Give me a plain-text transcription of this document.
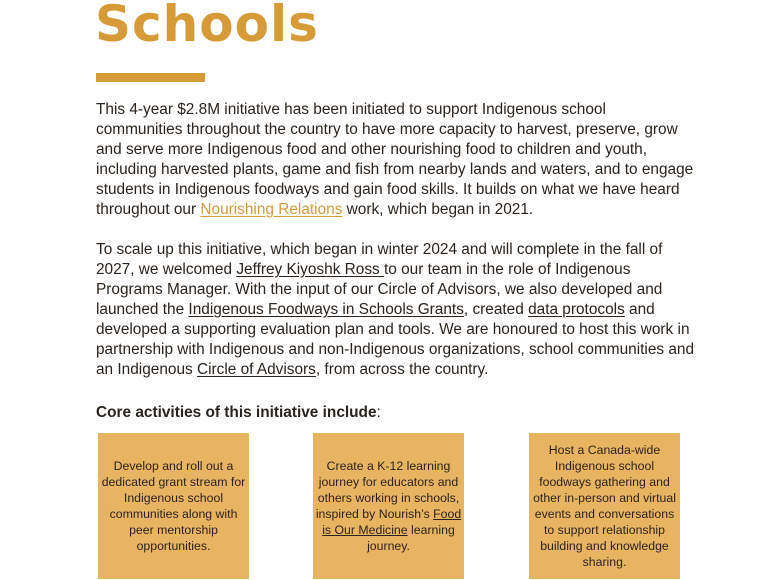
Schools

This 4-year $2.8M initiative has been initiated to support Indigenous school communities throughout the country to have more capacity to harvest, preserve, grow and serve more Indigenous food and other nourishing food to children and youth, including harvested plants, game and fish from nearby lands and waters, and to engage students in Indigenous foodways and gain food skills. It builds on what we have heard throughout our Nourishing Relations work, which began in 2021.

To scale up this initiative, which began in winter 2024 and will complete in the fall of 2027, we welcomed Jeffrey Kiyoshk Ross to our team in the role of Indigenous Programs Manager. With the input of our Circle of Advisors, we also developed and launched the Indigenous Foodways in Schools Grants, created data protocols and developed a supporting evaluation plan and tools. We are honoured to host this work in partnership with Indigenous and non-Indigenous organizations, school communities and an Indigenous Circle of Advisors, from across the country.

Core activities of this initiative include:

Develop and roll out a dedicated grant stream for Indigenous school communities along with peer mentorship opportunities.
Create a K-12 learning journey for educators and others working in schools, inspired by Nourish’s Food is Our Medicine learning journey.
Host a Canada-wide Indigenous school foodways gathering and other in-person and virtual events and conversations to support relationship building and knowledge sharing.
